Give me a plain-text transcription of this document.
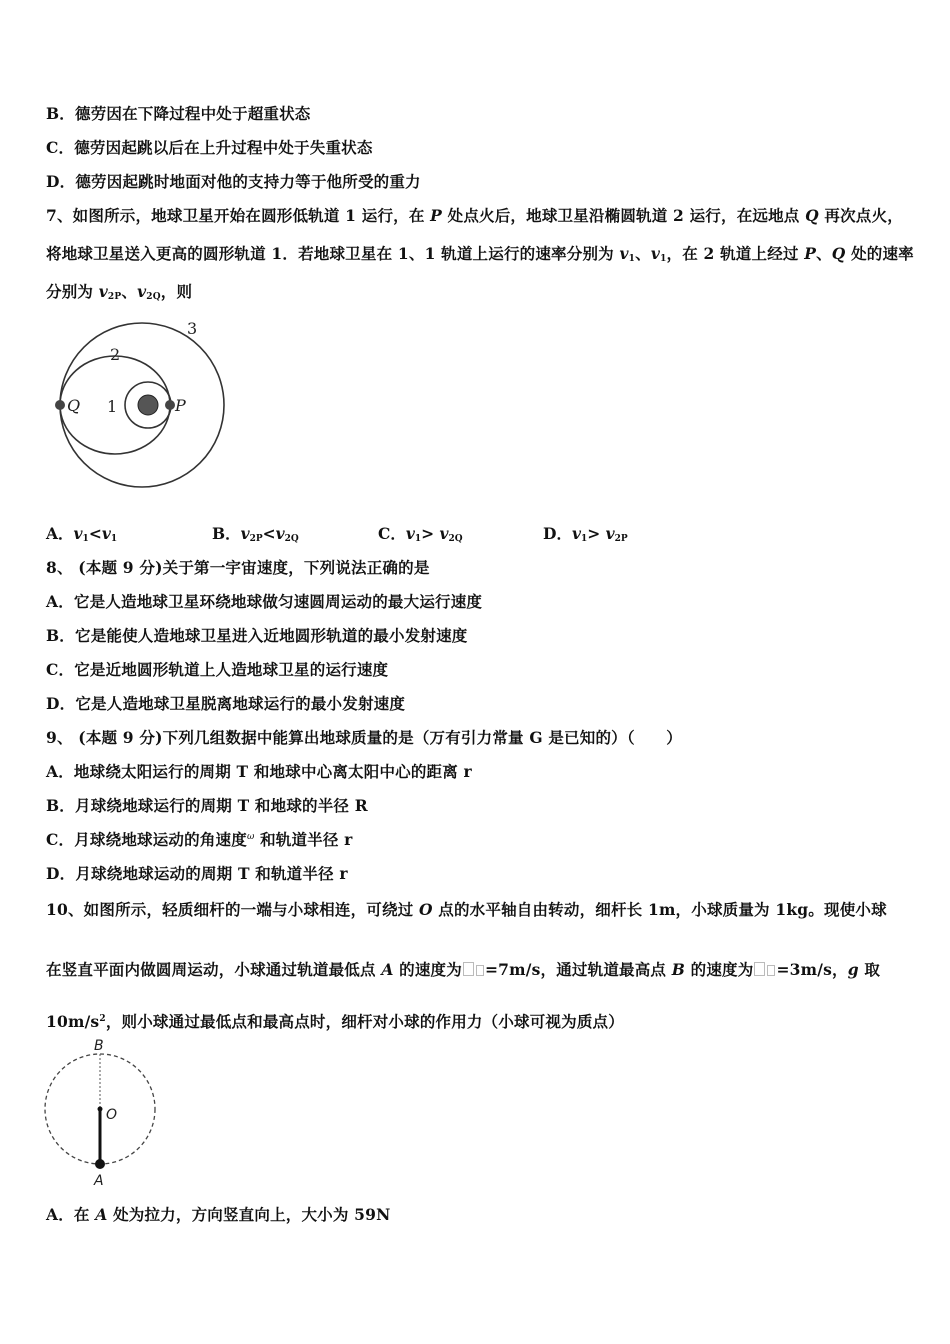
B．德劳因在下降过程中处于超重状态
C．德劳因起跳以后在上升过程中处于失重状态
D．德劳因起跳时地面对他的支持力等于他所受的重力
7、如图所示，地球卫星开始在圆形低轨道 1 运行，在 P 处点火后，地球卫星沿椭圆轨道 2 运行，在远地点 Q 再次点火，
将地球卫星送入更高的圆形轨道 1．若地球卫星在 1、1 轨道上运行的速率分别为 $v_1$、$v_1$，在 2 轨道上经过 P、Q 处的速率
分别为 $v_{2P}$、$v_{2Q}$，则
Q	P
1
2
3
A．$v_1<v_1$	B．$v_{2P}<v_{2Q}$	C．$v_1> v_{2Q}$	D．$v_1> v_{2P}$
8、 (本题 9 分)关于第一宇宙速度，下列说法正确的是
A．它是人造地球卫星环绕地球做匀速圆周运动的最大运行速度
B．它是能使人造地球卫星进入近地圆形轨道的最小发射速度
C．它是近地圆形轨道上人造地球卫星的运行速度
D．它是人造地球卫星脱离地球运行的最小发射速度
9、 (本题 9 分)下列几组数据中能算出地球质量的是（万有引力常量 G 是已知的）（　　）
A．地球绕太阳运行的周期 T 和地球中心离太阳中心的距离 r
B．月球绕地球运行的周期 T 和地球的半径 R
C．月球绕地球运动的角速度$^\omega$ 和轨道半径 r
D．月球绕地球运动的周期 T 和轨道半径 r
10、如图所示，轻质细杆的一端与小球相连，可绕过 O 点的水平轴自由转动，细杆长 1m，小球质量为 1kg。现使小球
在竖直平面内做圆周运动，小球通过轨道最低点 A 的速度为 =7m/s，通过轨道最高点 B 的速度为 =3m/s，g 取
$10m/s^2$，则小球通过最低点和最高点时，细杆对小球的作用力（小球可视为质点）
B
O
A
A．在 A 处为拉力，方向竖直向上，大小为 59N
